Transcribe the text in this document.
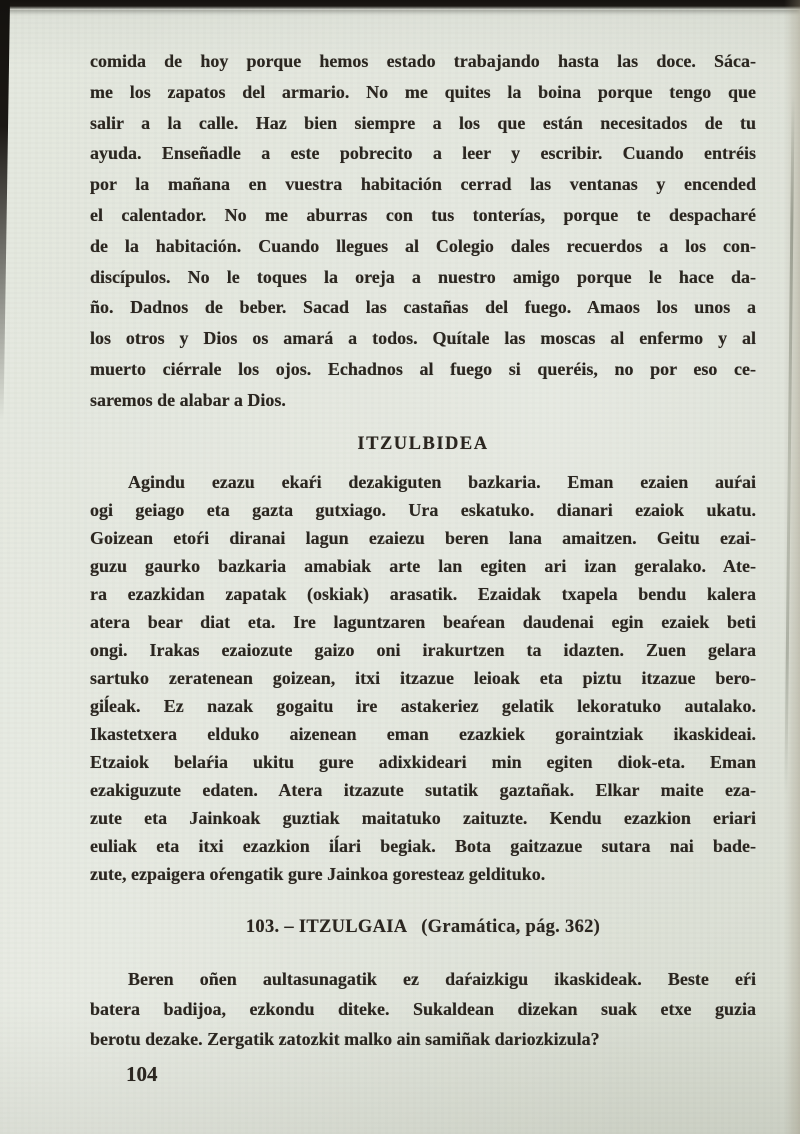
comida de hoy porque hemos estado trabajando hasta las doce. Sáca-
me los zapatos del armario. No me quites la boina porque tengo que
salir a la calle. Haz bien siempre a los que están necesitados de tu
ayuda. Enseñadle a este pobrecito a leer y escribir. Cuando entréis
por la mañana en vuestra habitación cerrad las ventanas y encended
el calentador. No me aburras con tus tonterías, porque te despacharé
de la habitación. Cuando llegues al Colegio dales recuerdos a los con-
discípulos. No le toques la oreja a nuestro amigo porque le hace da-
ño. Dadnos de beber. Sacad las castañas del fuego. Amaos los unos a
los otros y Dios os amará a todos. Quítale las moscas al enfermo y al
muerto ciérrale los ojos. Echadnos al fuego si queréis, no por eso ce-
saremos de alabar a Dios.
ITZULBIDEA
Agindu ezazu ekaŕi dezakiguten bazkaria. Eman ezaien auŕai
ogi geiago eta gazta gutxiago. Ura eskatuko. dianari ezaiok ukatu.
Goizean etoŕi diranai lagun ezaiezu beren lana amaitzen. Geitu ezai-
guzu gaurko bazkaria amabiak arte lan egiten ari izan geralako. Ate-
ra ezazkidan zapatak (oskiak) arasatik. Ezaidak txapela bendu kalera
atera bear diat eta. Ire laguntzaren beaŕean daudenai egin ezaiek beti
ongi. Irakas ezaiozute gaizo oni irakurtzen ta idazten. Zuen gelara
sartuko zeratenean goizean, itxi itzazue leioak eta piztu itzazue bero-
giĺeak. Ez nazak gogaitu ire astakeriez gelatik lekoratuko autalako.
Ikastetxera elduko aizenean eman ezazkiek goraintziak ikaskideai.
Etzaiok belaŕia ukitu gure adixkideari min egiten diok-eta. Eman
ezakiguzute edaten. Atera itzazute sutatik gaztañak. Elkar maite eza-
zute eta Jainkoak guztiak maitatuko zaituzte. Kendu ezazkion eriari
euliak eta itxi ezazkion iĺari begiak. Bota gaitzazue sutara nai bade-
zute, ezpaigera oŕengatik gure Jainkoa goresteaz geldituko.
103. – ITZULGAIA   (Gramática, pág. 362)
Beren oñen aultasunagatik ez daŕaizkigu ikaskideak. Beste eŕi
batera badijoa, ezkondu diteke. Sukaldean dizekan suak etxe guzia
berotu dezake. Zergatik zatozkit malko ain samiñak dariozkizula?
104
